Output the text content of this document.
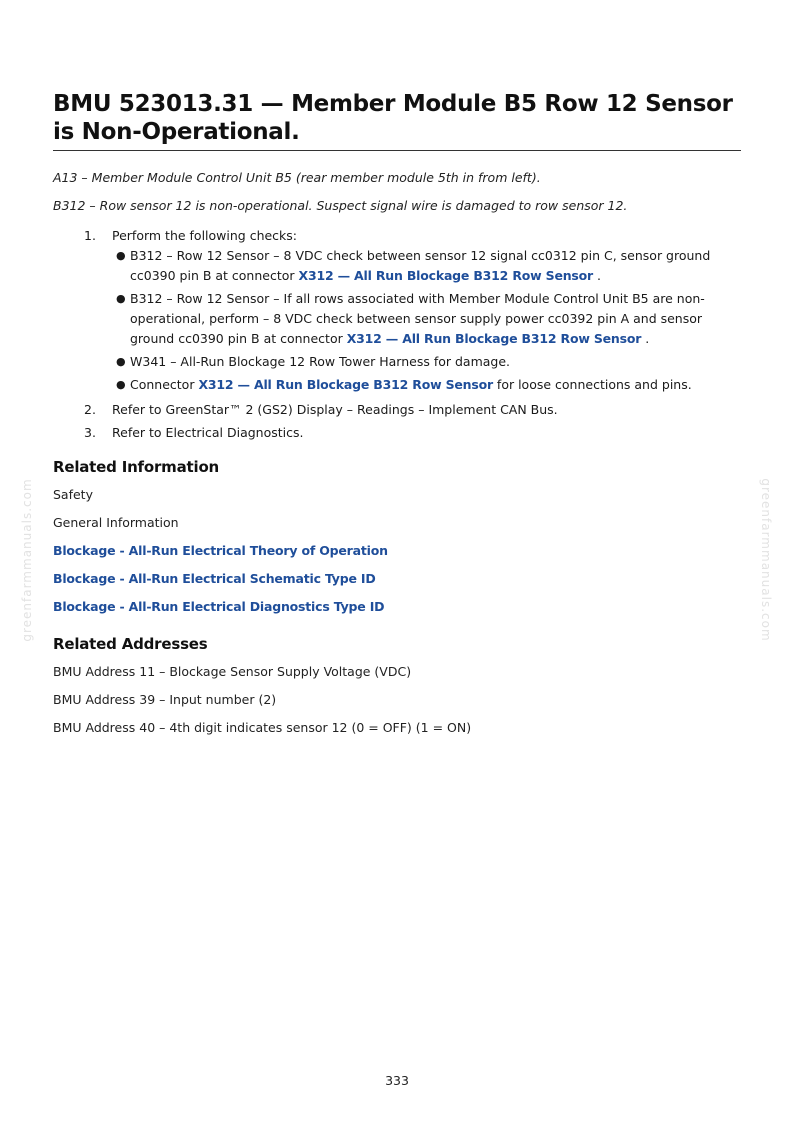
BMU 523013.31 — Member Module B5 Row 12 Sensor is Non-Operational.
A13 – Member Module Control Unit B5 (rear member module 5th in from left).
B312 – Row sensor 12 is non-operational. Suspect signal wire is damaged to row sensor 12.
1. Perform the following checks:
● B312 – Row 12 Sensor – 8 VDC check between sensor 12 signal cc0312 pin C, sensor ground cc0390 pin B at connector X312 — All Run Blockage B312 Row Sensor .
● B312 – Row 12 Sensor – If all rows associated with Member Module Control Unit B5 are non-operational, perform – 8 VDC check between sensor supply power cc0392 pin A and sensor ground cc0390 pin B at connector X312 — All Run Blockage B312 Row Sensor .
● W341 – All-Run Blockage 12 Row Tower Harness for damage.
● Connector X312 — All Run Blockage B312 Row Sensor for loose connections and pins.
2. Refer to GreenStar™ 2 (GS2) Display – Readings – Implement CAN Bus.
3. Refer to Electrical Diagnostics.
Related Information
Safety
General Information
Blockage - All-Run Electrical Theory of Operation
Blockage - All-Run Electrical Schematic Type ID
Blockage - All-Run Electrical Diagnostics Type ID
Related Addresses
BMU Address 11 – Blockage Sensor Supply Voltage (VDC)
BMU Address 39 – Input number (2)
BMU Address 40 – 4th digit indicates sensor 12 (0 = OFF) (1 = ON)
greenfarmmanuals.com	greenfarmmanuals.com
333
